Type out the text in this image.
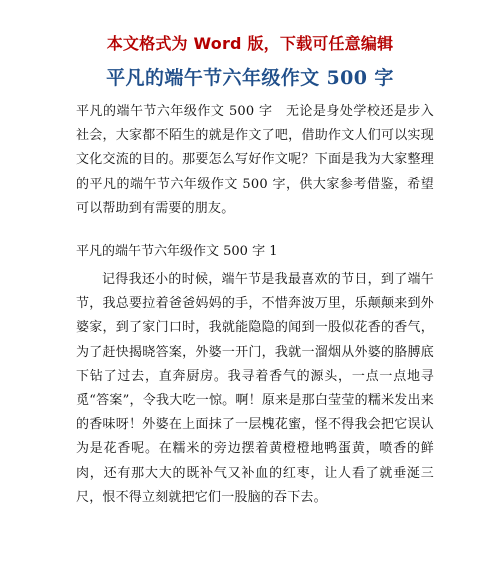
本文格式为 Word 版，下载可任意编辑
平凡的端午节六年级作文 500 字

平凡的端午节六年级作文 500 字　无论是身处学校还是步入社会，大家都不陌生的就是作文了吧，借助作文人们可以实现文化交流的目的。那要怎么写好作文呢？下面是我为大家整理的平凡的端午节六年级作文 500 字，供大家参考借鉴，希望可以帮助到有需要的朋友。

平凡的端午节六年级作文 500 字 1

记得我还小的时候，端午节是我最喜欢的节日，到了端午节，我总要拉着爸爸妈妈的手，不惜奔波万里，乐颠颠来到外婆家，到了家门口时，我就能隐隐的闻到一股似花香的香气，为了赶快揭晓答案，外婆一开门，我就一溜烟从外婆的胳膊底下钻了过去，直奔厨房。我寻着香气的源头，一点一点地寻觅“答案”，令我大吃一惊。啊！原来是那白莹莹的糯米发出来的香味呀！外婆在上面抹了一层槐花蜜，怪不得我会把它误认为是花香呢。在糯米的旁边摆着黄橙橙地鸭蛋黄，喷香的鲜肉，还有那大大的既补气又补血的红枣，让人看了就垂涎三尺，恨不得立刻就把它们一股脑的吞下去。
